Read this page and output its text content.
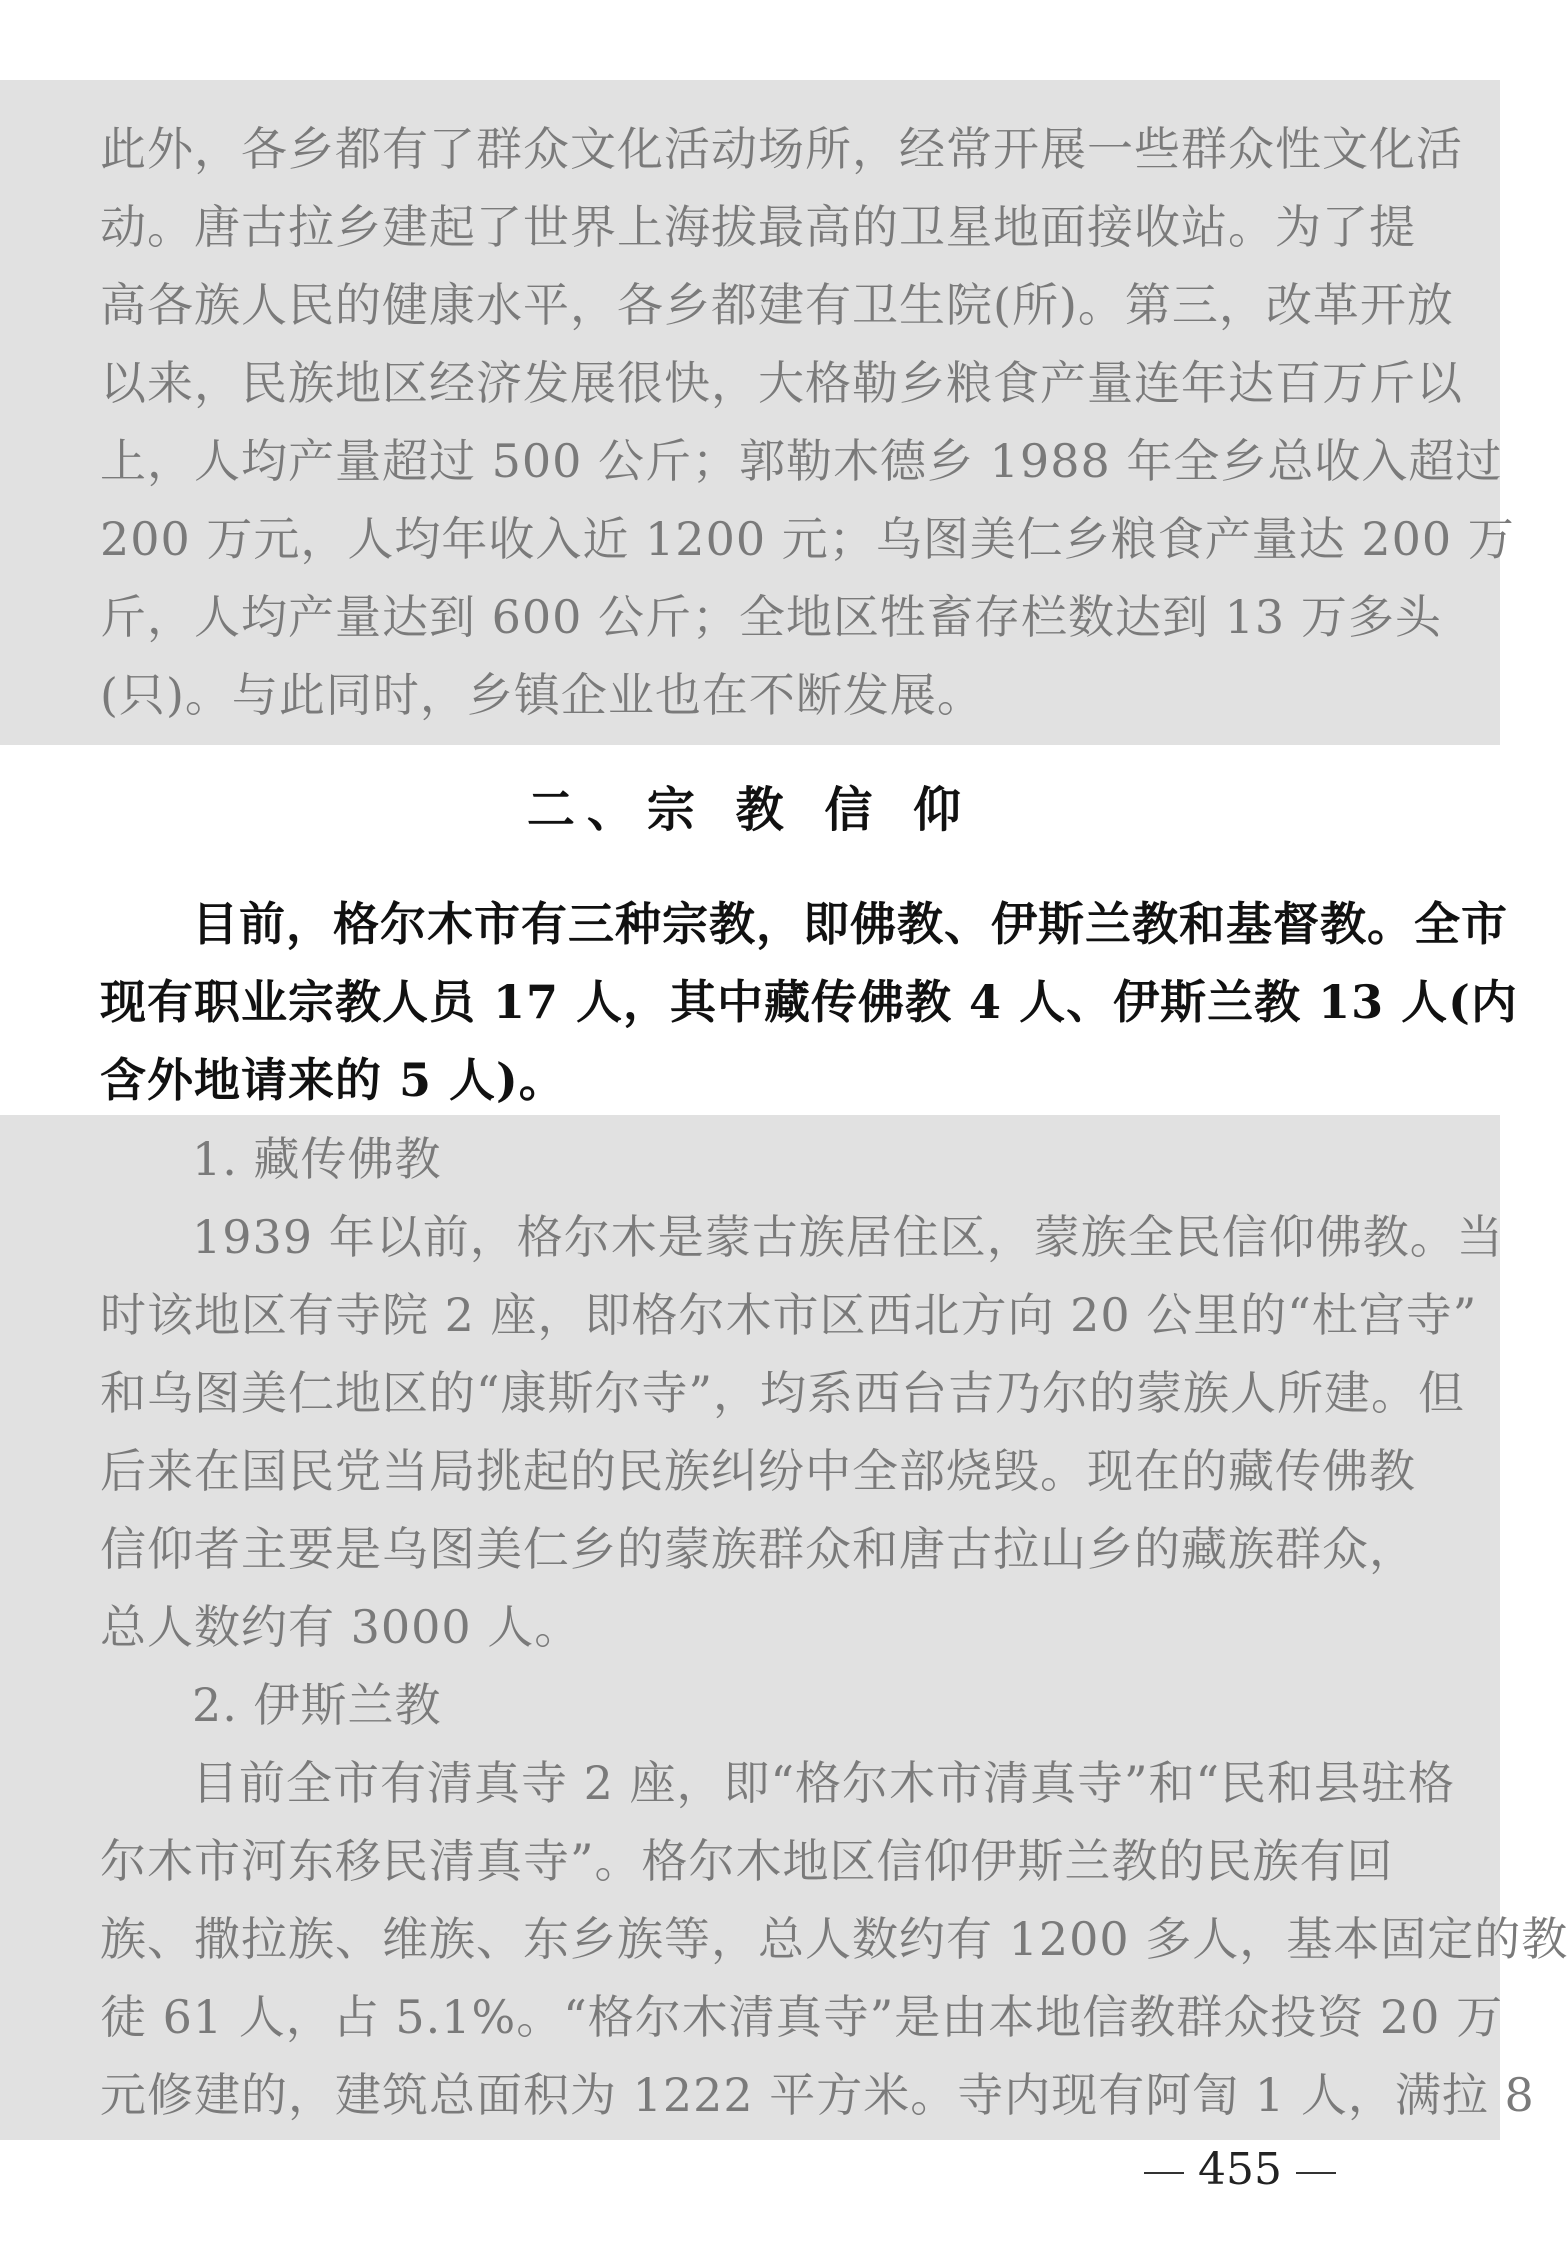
此外，各乡都有了群众文化活动场所，经常开展一些群众性文化活
动。唐古拉乡建起了世界上海拔最高的卫星地面接收站。为了提
高各族人民的健康水平，各乡都建有卫生院(所)。第三，改革开放
以来，民族地区经济发展很快，大格勒乡粮食产量连年达百万斤以
上，人均产量超过 500 公斤；郭勒木德乡 1988 年全乡总收入超过
200 万元，人均年收入近 1200 元；乌图美仁乡粮食产量达 200 万
斤，人均产量达到 600 公斤；全地区牲畜存栏数达到 13 万多头
(只)。与此同时，乡镇企业也在不断发展。
二、宗 教 信 仰
目前，格尔木市有三种宗教，即佛教、伊斯兰教和基督教。全市
现有职业宗教人员 17 人，其中藏传佛教 4 人、伊斯兰教 13 人(内
含外地请来的 5 人)。
1. 藏传佛教
1939 年以前，格尔木是蒙古族居住区，蒙族全民信仰佛教。当
时该地区有寺院 2 座，即格尔木市区西北方向 20 公里的“杜宫寺”
和乌图美仁地区的“康斯尔寺”，均系西台吉乃尔的蒙族人所建。但
后来在国民党当局挑起的民族纠纷中全部烧毁。现在的藏传佛教
信仰者主要是乌图美仁乡的蒙族群众和唐古拉山乡的藏族群众，
总人数约有 3000 人。
2. 伊斯兰教
目前全市有清真寺 2 座，即“格尔木市清真寺”和“民和县驻格
尔木市河东移民清真寺”。格尔木地区信仰伊斯兰教的民族有回
族、撒拉族、维族、东乡族等，总人数约有 1200 多人，基本固定的教
徒 61 人，占 5.1%。“格尔木清真寺”是由本地信教群众投资 20 万
元修建的，建筑总面积为 1222 平方米。寺内现有阿訇 1 人，满拉 8
455
